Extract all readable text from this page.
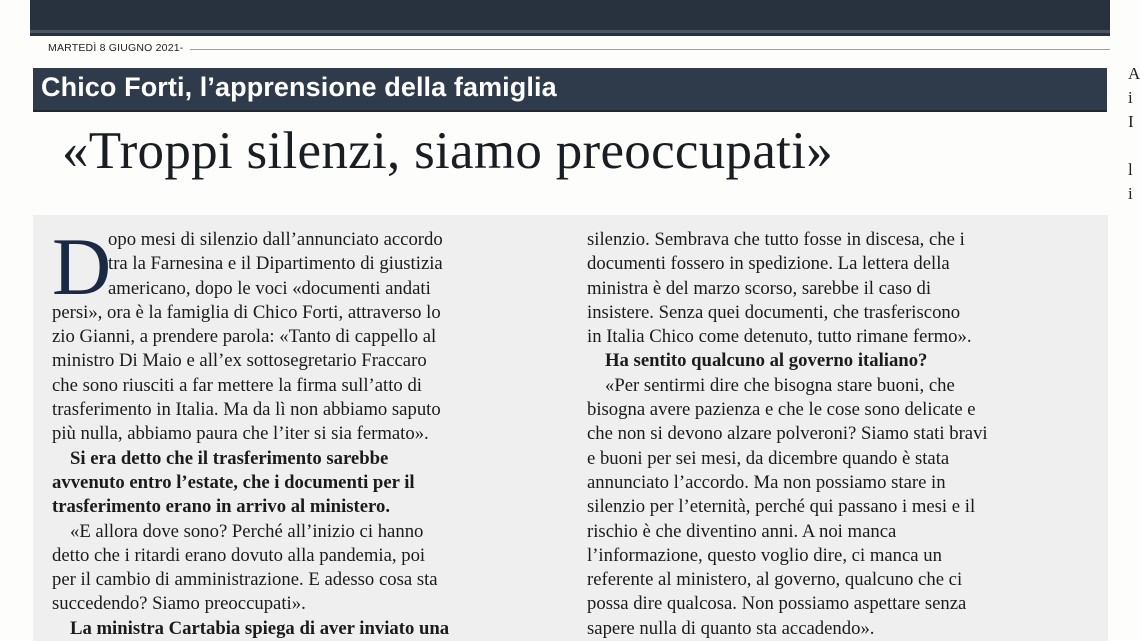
MARTEDÌ 8 GIUGNO 2021-
Chico Forti, l’apprensione della famiglia
«Troppi silenzi, siamo preoccupati»
D

opo mesi di silenzio dall’annunciato accordo

tra la Farnesina e il Dipartimento di giustizia

americano, dopo le voci «documenti andati

persi», ora è la famiglia di Chico Forti, attraverso lo

zio Gianni, a prendere parola: «Tanto di cappello al

ministro Di Maio e all’ex sottosegretario Fraccaro

che sono riusciti a far mettere la firma sull’atto di

trasferimento in Italia. Ma da lì non abbiamo saputo

più nulla, abbiamo paura che l’iter si sia fermato».

Si era detto che il trasferimento sarebbe

avvenuto entro l’estate, che i documenti per il

trasferimento erano in arrivo al ministero.

«E allora dove sono? Perché all’inizio ci hanno

detto che i ritardi erano dovuto alla pandemia, poi

per il cambio di amministrazione. E adesso cosa sta

succedendo? Siamo preoccupati».

La ministra Cartabia spiega di aver inviato una

silenzio. Sembrava che tutto fosse in discesa, che i

documenti fossero in spedizione. La lettera della

ministra è del marzo scorso, sarebbe il caso di

insistere. Senza quei documenti, che trasferiscono

in Italia Chico come detenuto, tutto rimane fermo».

Ha sentito qualcuno al governo italiano?

«Per sentirmi dire che bisogna stare buoni, che

bisogna avere pazienza e che le cose sono delicate e

che non si devono alzare polveroni? Siamo stati bravi

e buoni per sei mesi, da dicembre quando è stata

annunciato l’accordo. Ma non possiamo stare in

silenzio per l’eternità, perché qui passano i mesi e il

rischio è che diventino anni. A noi manca

l’informazione, questo voglio dire, ci manca un

referente al ministero, al governo, qualcuno che ci

possa dire qualcosa. Non possiamo aspettare senza

sapere nulla di quanto sta accadendo».

A
i
I
l
i
